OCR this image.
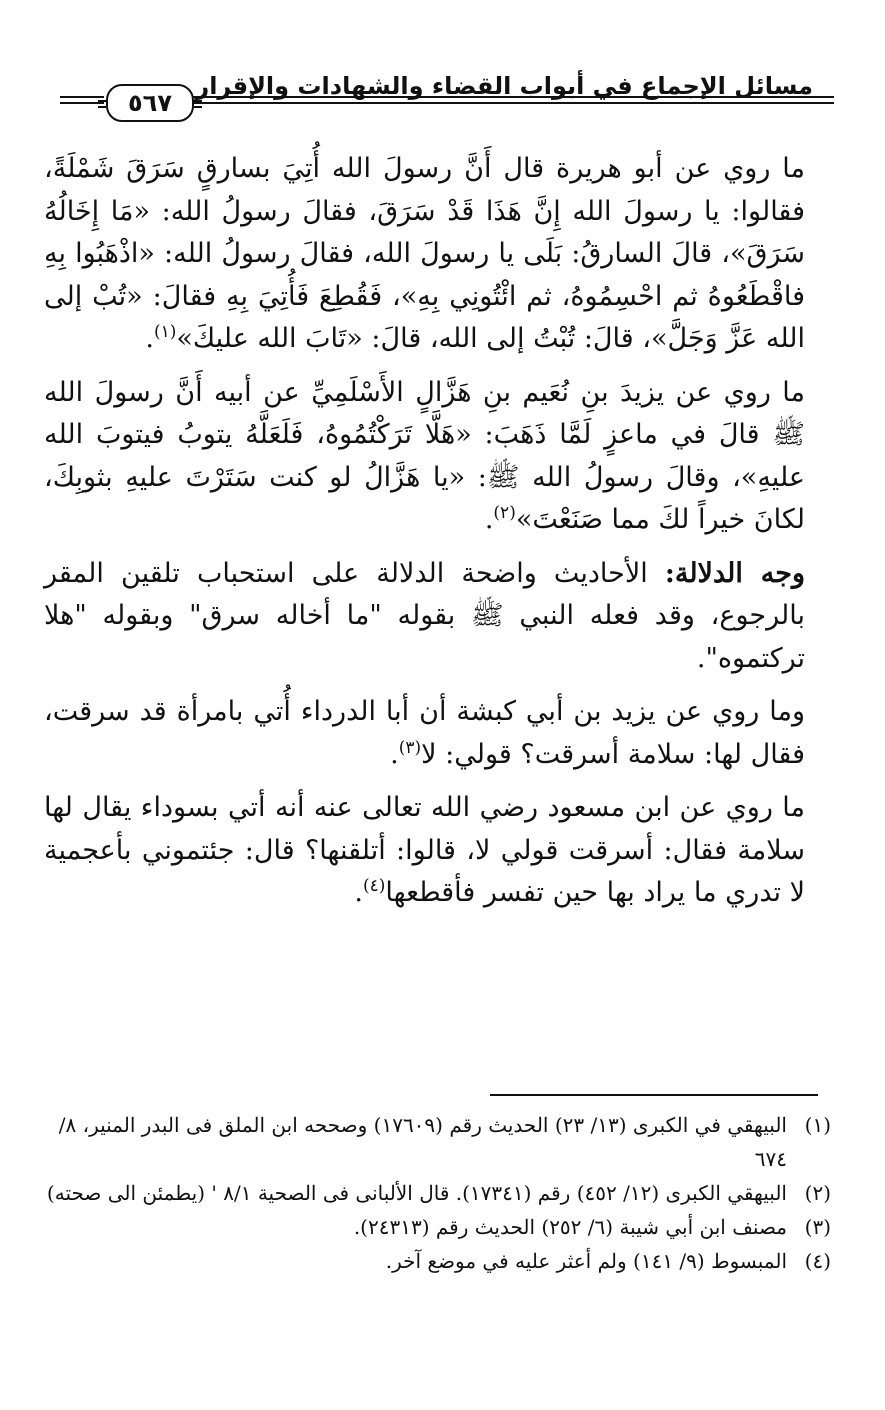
مسائل الإجماع في أبواب القضاء والشهادات والإقرار
٥٦٧

ما روي عن أبو هريرة قال أَنَّ رسولَ الله أُتِيَ بسارقٍ سَرَقَ شَمْلَةً، فقالوا: يا رسولَ الله إِنَّ هَذَا قَدْ سَرَقَ، فقالَ رسولُ الله: «مَا إِخَالُهُ سَرَقَ»، قالَ السارقُ: بَلَى يا رسولَ الله، فقالَ رسولُ الله: «اذْهَبُوا بِهِ فاقْطَعُوهُ ثم احْسِمُوهُ، ثم ائْتُونِي بِهِ»، فَقُطِعَ فَأُتِيَ بِهِ فقالَ: «تُبْ إلى الله عَزَّ وَجَلَّ»، قالَ: تُبْتُ إلى الله، قالَ: «تَابَ الله عليكَ»$^{(١)}$.

ما روي عن يزيدَ بنِ نُعَيم بنِ هَزَّالٍ الأَسْلَمِيِّ عن أبيه أَنَّ رسولَ الله ﷺ قالَ في ماعزٍ لَمَّا ذَهَبَ: «هَلَّا تَرَكْتُمُوهُ، فَلَعَلَّهُ يتوبُ فيتوبَ الله عليهِ»، وقالَ رسولُ الله ﷺ: «يا هَزَّالُ لو كنت سَتَرْتَ عليهِ بثوبِكَ، لكانَ خيراً لكَ مما صَنَعْتَ»$^{(٢)}$.

وجه الدلالة: الأحاديث واضحة الدلالة على استحباب تلقين المقر بالرجوع، وقد فعله النبي ﷺ بقوله "ما أخاله سرق" وبقوله "هلا تركتموه".

وما روي عن يزيد بن أبي كبشة أن أبا الدرداء أُتي بامرأة قد سرقت، فقال لها: سلامة أسرقت؟ قولي: لا$^{(٣)}$.

ما روي عن ابن مسعود رضي الله تعالى عنه أنه أتي بسوداء يقال لها سلامة فقال: أسرقت قولي لا، قالوا: أتلقنها؟ قال: جئتموني بأعجمية لا تدري ما يراد بها حين تفسر فأقطعها$^{(٤)}$.

(١)
البيهقي في الكبرى (١٣/ ٢٣) الحديث رقم (١٧٦٠٩) وصححه ابن الملق فى البدر المنير، ٨/ ٦٧٤
(٢)
البيهقي الكبرى (١٢/ ٤٥٢) رقم (١٧٣٤١). قال الألبانى فى الصحية ٨/١ ' (يطمئن الى صحته)
(٣)
مصنف ابن أبي شيبة (٦/ ٢٥٢) الحديث رقم (٢٤٣١٣).
(٤)
المبسوط (٩/ ١٤١) ولم أعثر عليه في موضع آخر.
